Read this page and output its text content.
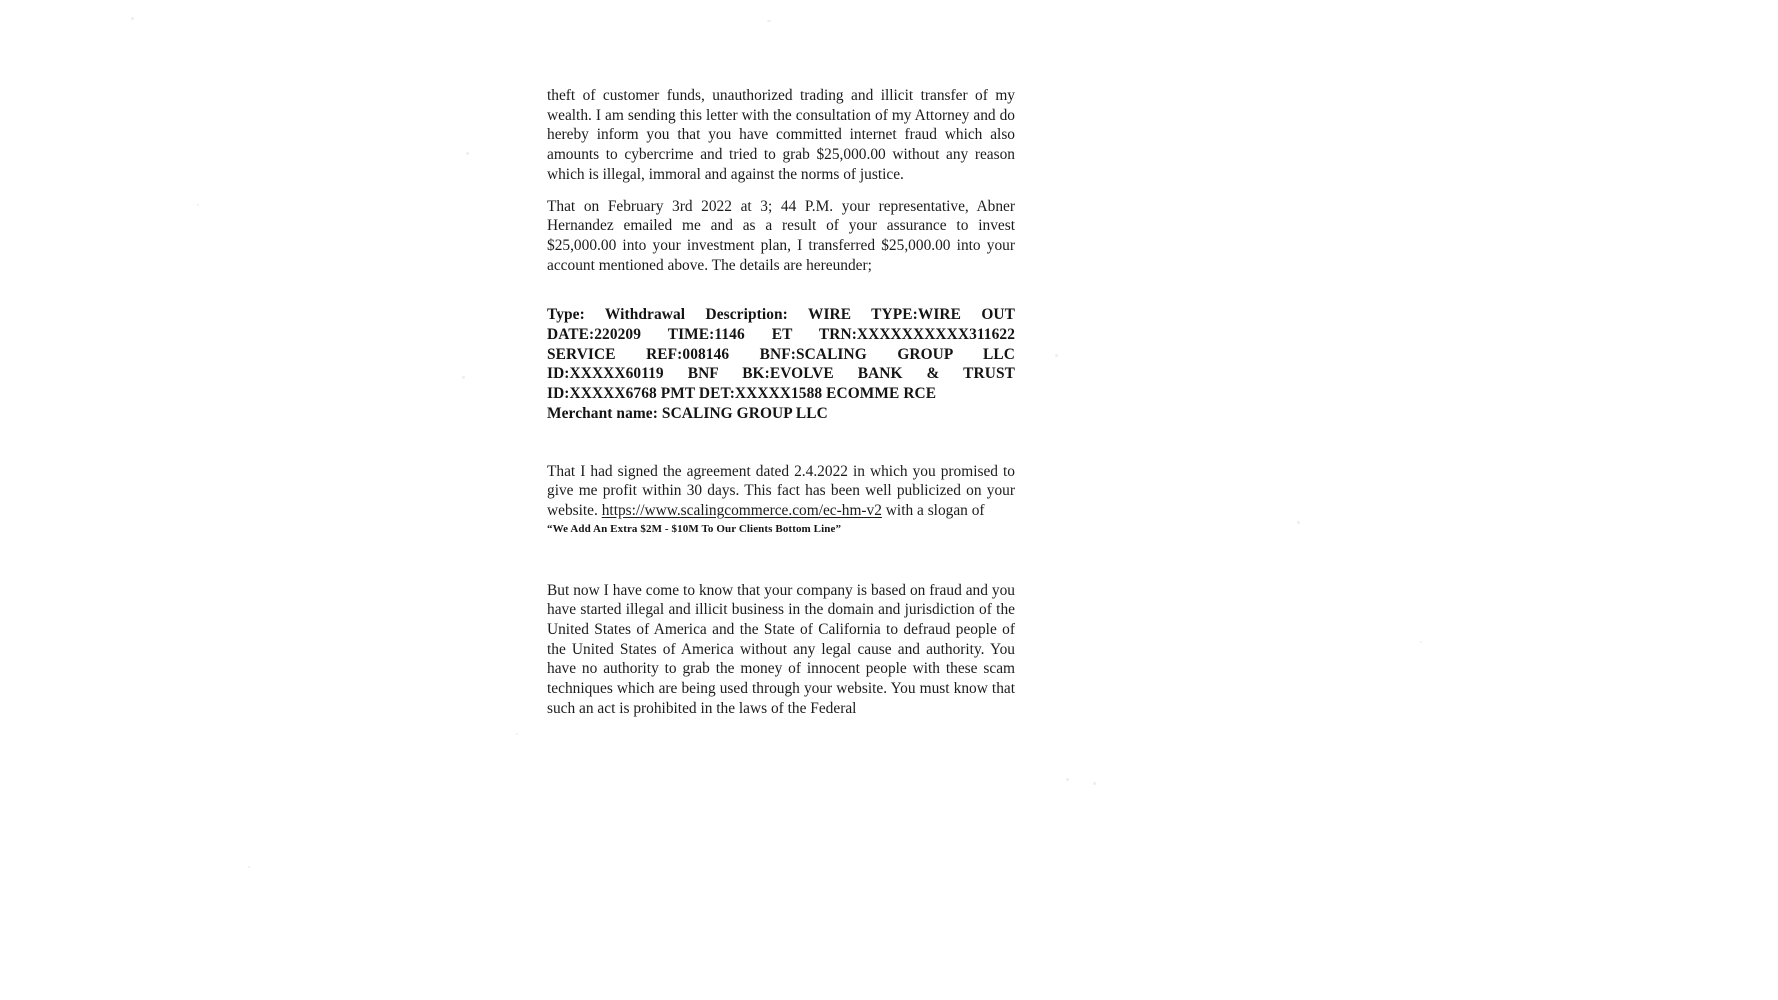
theft of customer funds, unauthorized trading and illicit transfer of my wealth. I am sending this letter with the consultation of my Attorney and do hereby inform you that you have committed internet fraud which also amounts to cybercrime and tried to grab $25,000.00 without any reason which is illegal, immoral and against the norms of justice.

That on February 3rd 2022 at 3; 44 P.M. your representative, Abner Hernandez emailed me and as a result of your assurance to invest $25,000.00 into your investment plan, I transferred $25,000.00 into your account mentioned above. The details are hereunder;

Type: Withdrawal Description: WIRE TYPE:WIRE OUT DATE:220209 TIME:1146 ET TRN:XXXXXXXXXX311622 SERVICE REF:008146 BNF:SCALING GROUP LLC ID:XXXXX60119 BNF BK:EVOLVE BANK & TRUST ID:XXXXX6768 PMT DET:XXXXX1588 ECOMME RCE
Merchant name: SCALING GROUP LLC

That I had signed the agreement dated 2.4.2022 in which you promised to give me profit within 30 days. This fact has been well publicized on your website. https://www.scalingcommerce.com/ec-hm-v2 with a slogan of
“We Add An Extra $2M - $10M To Our Clients Bottom Line”

But now I have come to know that your company is based on fraud and you have started illegal and illicit business in the domain and jurisdiction of the United States of America and the State of California to defraud people of the United States of America without any legal cause and authority. You have no authority to grab the money of innocent people with these scam techniques which are being used through your website. You must know that such an act is prohibited in the laws of the Federal
